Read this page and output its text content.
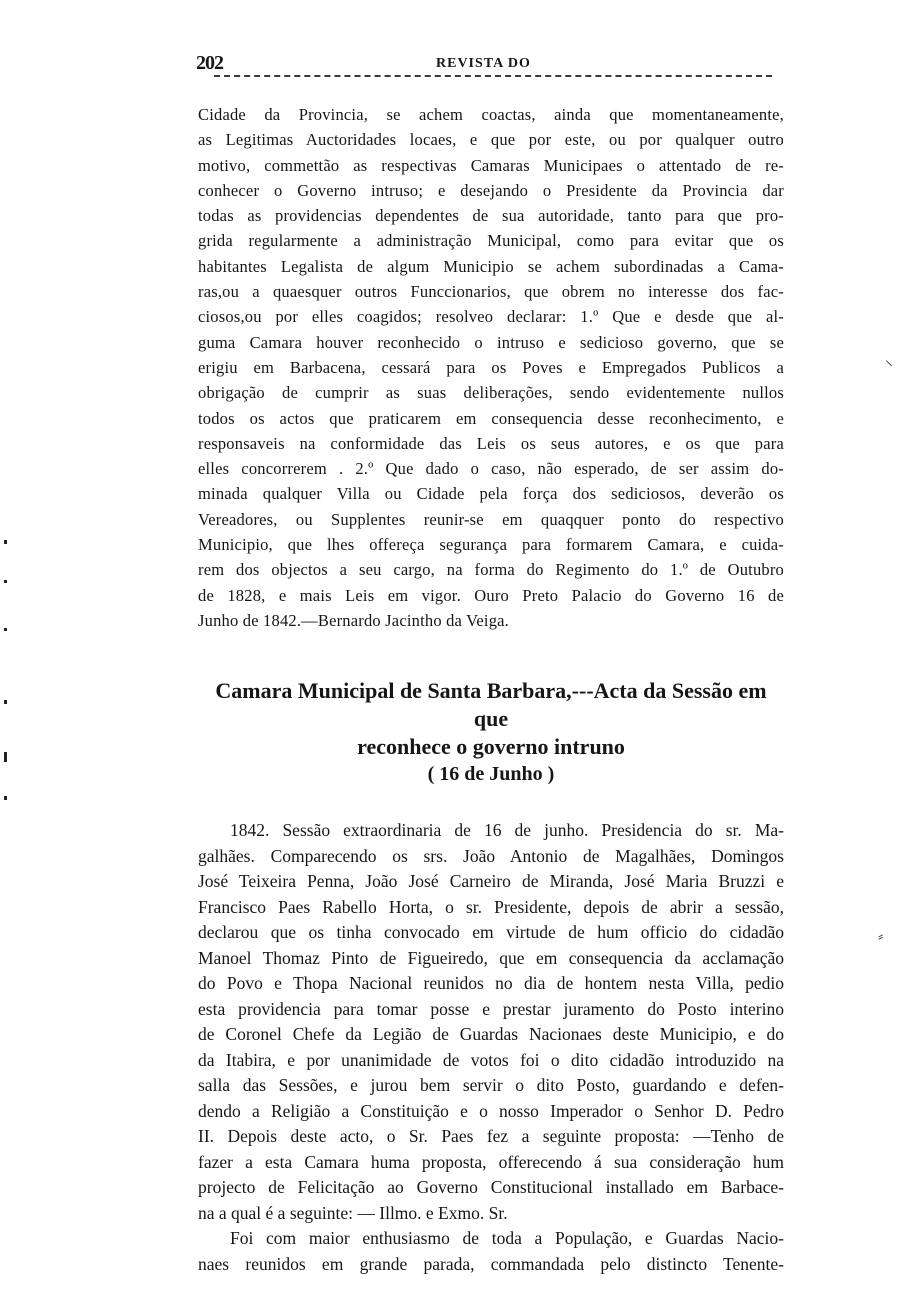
202	REVISTA DO
Cidade da Provincia, se achem coactas, ainda que momentaneamente,
as Legitimas Auctoridades locaes, e que por este, ou por qualquer outro
motivo, commettão as respectivas Camaras Municipaes o attentado de re-
conhecer o Governo intruso; e desejando o Presidente da Provincia dar
todas as providencias dependentes de sua autoridade, tanto para que pro-
grida regularmente a administração Municipal, como para evitar que os
habitantes Legalista de algum Municipio se achem subordinadas a Cama-
ras,ou a quaesquer outros Funccionarios, que obrem no interesse dos fac-
ciosos,ou por elles coagidos; resolveo declarar: 1.º Que e desde que al-
guma Camara houver reconhecido o intruso e sedicioso governo, que se
erigiu em Barbacena, cessará para os Poves e Empregados Publicos a
obrigação de cumprir as suas deliberações, sendo evidentemente nullos
todos os actos que praticarem em consequencia desse reconhecimento, e
responsaveis na conformidade das Leis os seus autores, e os que para
elles concorrerem . 2.º Que dado o caso, não esperado, de ser assim do-
minada qualquer Villa ou Cidade pela força dos sediciosos, deverão os
Vereadores, ou Supplentes reunir-se em quaqquer ponto do respectivo
Municipio, que lhes offereça segurança para formarem Camara, e cuida-
rem dos objectos a seu cargo, na forma do Regimento do 1.º de Outubro
de 1828, e mais Leis em vigor. Ouro Preto Palacio do Governo 16 de
Junho de 1842.—Bernardo Jacintho da Veiga.
Camara Municipal de Santa Barbara,---Acta da Sessão em que
reconhece o governo intruno
( 16 de Junho )
1842. Sessão extraordinaria de 16 de junho. Presidencia do sr. Ma-
galhães. Comparecendo os srs. João Antonio de Magalhães, Domingos
José Teixeira Penna, João José Carneiro de Miranda, José Maria Bruzzi e
Francisco Paes Rabello Horta, o sr. Presidente, depois de abrir a sessão,
declarou que os tinha convocado em virtude de hum officio do cidadão
Manoel Thomaz Pinto de Figueiredo, que em consequencia da acclamação
do Povo e Thopa Nacional reunidos no dia de hontem nesta Villa, pedio
esta providencia para tomar posse e prestar juramento do Posto interino
de Coronel Chefe da Legião de Guardas Nacionaes deste Municipio, e do
da Itabira, e por unanimidade de votos foi o dito cidadão introduzido na
salla das Sessões, e jurou bem servir o dito Posto, guardando e defen-
dendo a Religião a Constituição e o nosso Imperador o Senhor D. Pedro
II. Depois deste acto, o Sr. Paes fez a seguinte proposta: —Tenho de
fazer a esta Camara huma proposta, offerecendo á sua consideração hum
projecto de Felicitação ao Governo Constitucional installado em Barbace-
na a qual é a seguinte: — Illmo. e Exmo. Sr.
Foi com maior enthusiasmo de toda a População, e Guardas Nacio-
naes reunidos em grande parada, commandada pelo distincto Tenente-
⸜
⸗
